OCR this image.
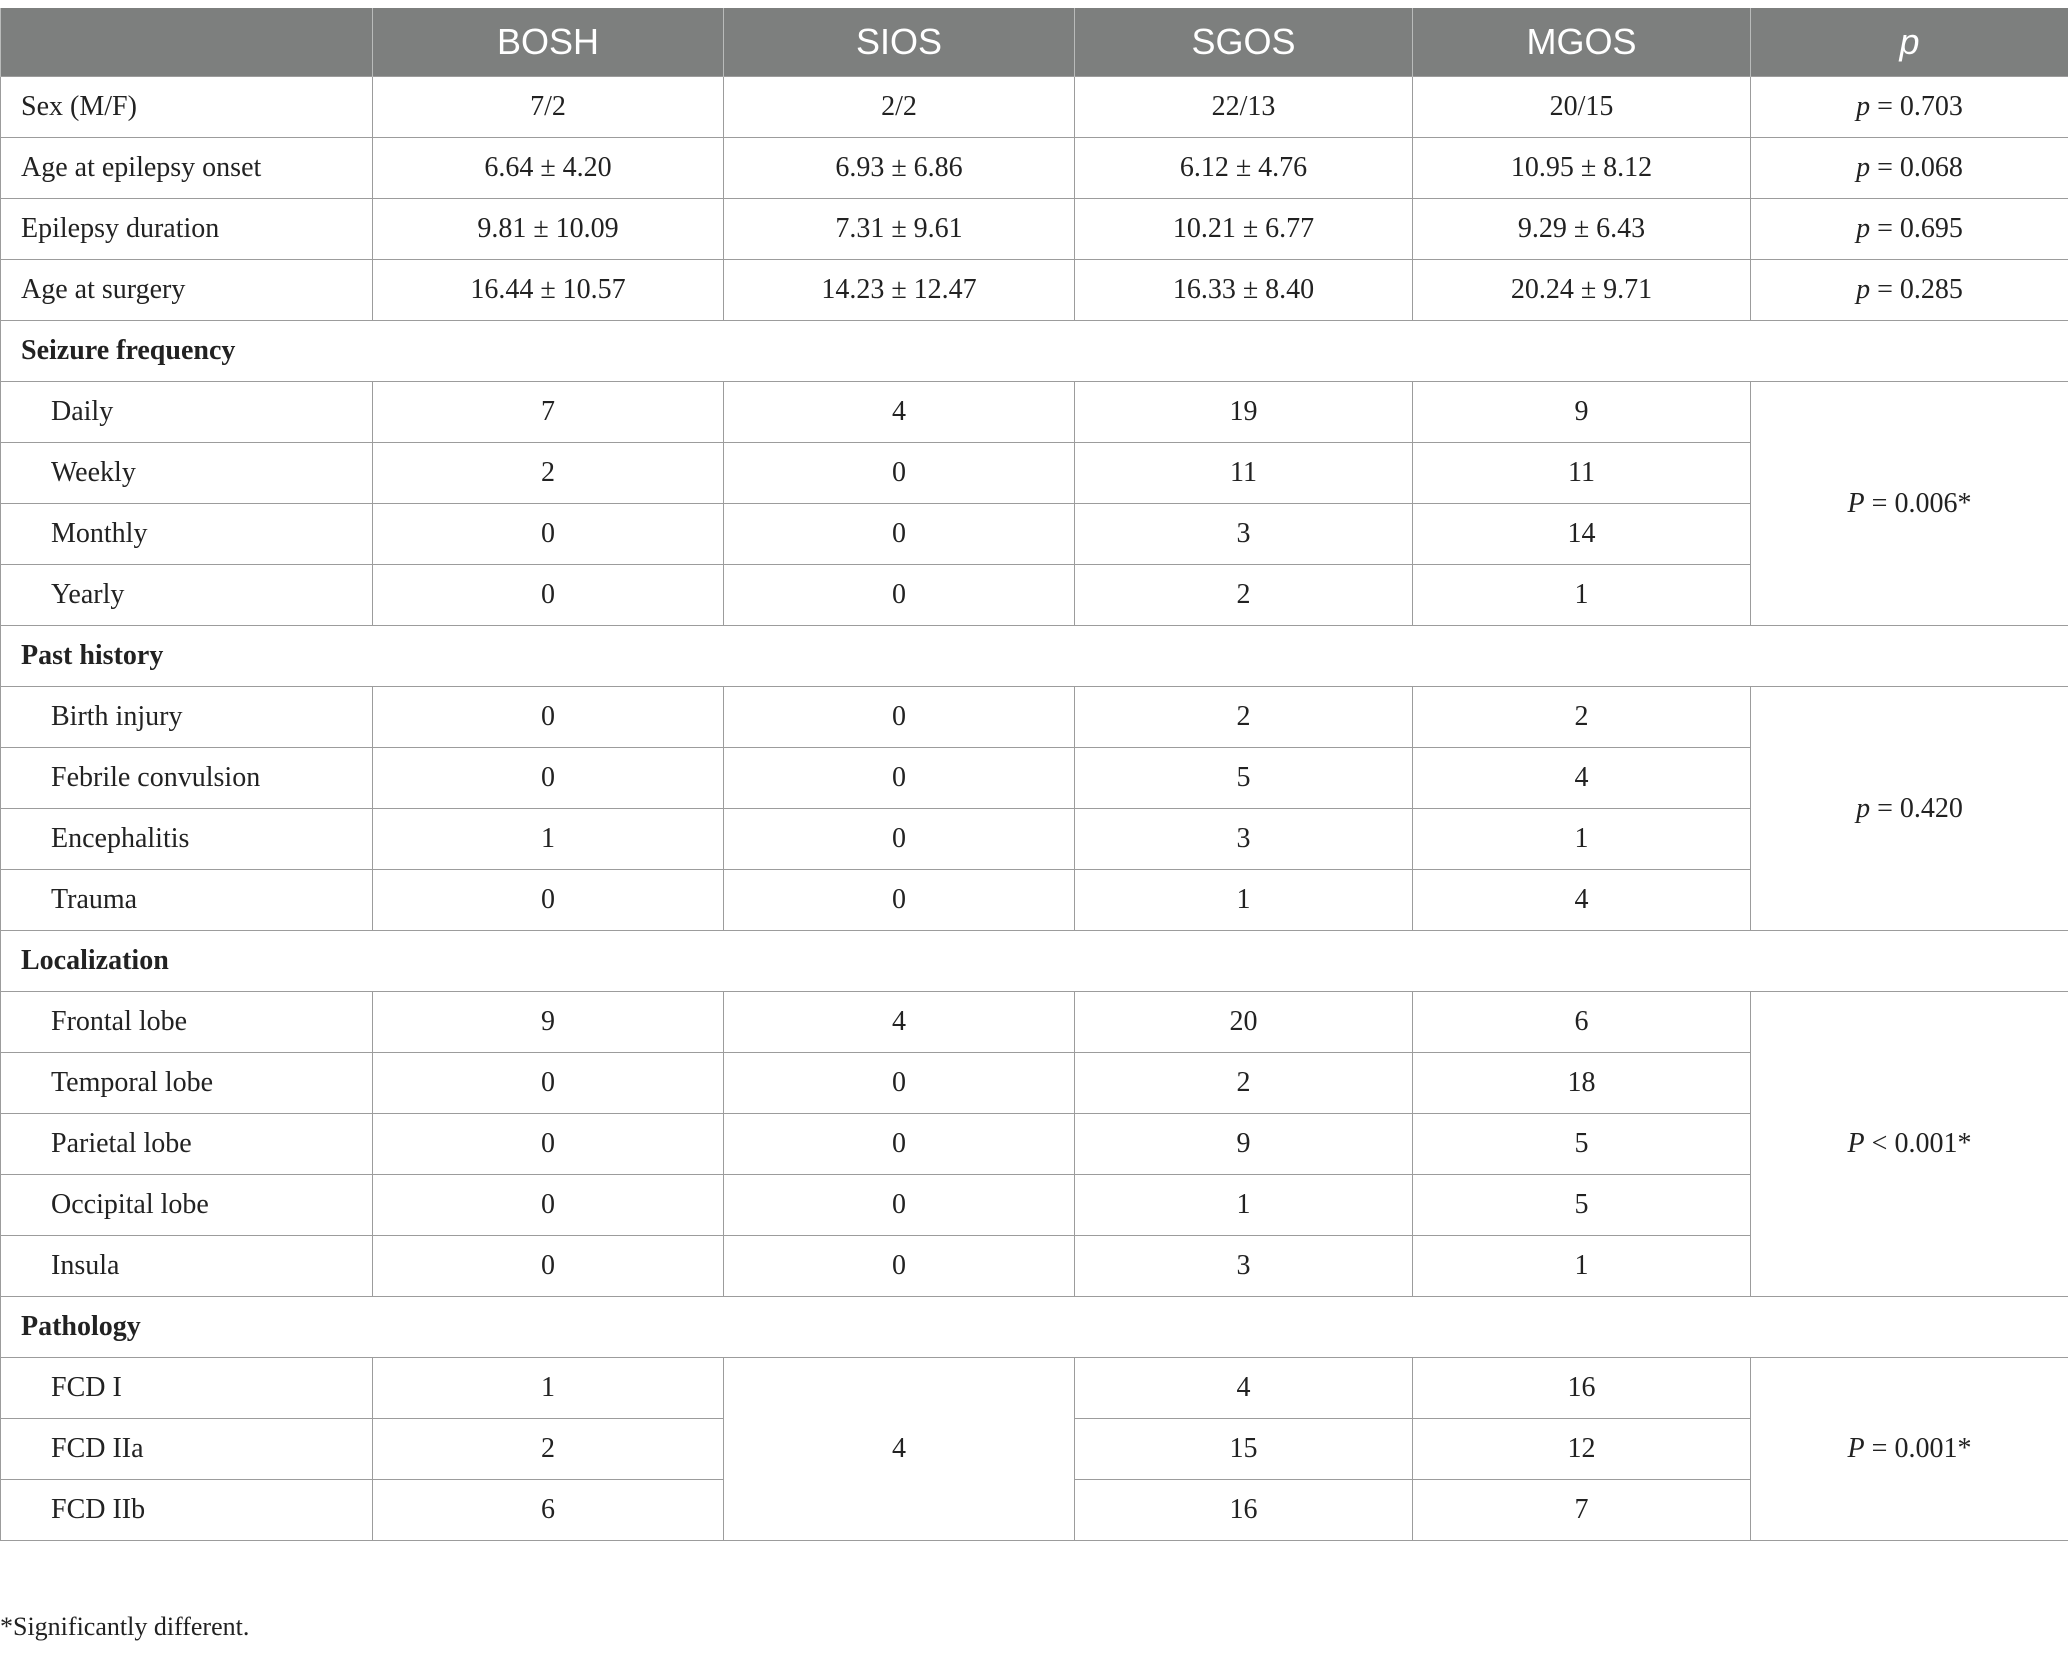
	BOSH	SIOS	SGOS	MGOS	p
Sex (M/F)	7/2	2/2	22/13	20/15	p = 0.703
Age at epilepsy onset	6.64 ± 4.20	6.93 ± 6.86	6.12 ± 4.76	10.95 ± 8.12	p = 0.068
Epilepsy duration	9.81 ± 10.09	7.31 ± 9.61	10.21 ± 6.77	9.29 ± 6.43	p = 0.695
Age at surgery	16.44 ± 10.57	14.23 ± 12.47	16.33 ± 8.40	20.24 ± 9.71	p = 0.285
Seizure frequency					
Daily	7	4	19	9	P = 0.006*
Weekly	2	0	11	11	
Monthly	0	0	3	14	
Yearly	0	0	2	1	
Past history					
Birth injury	0	0	2	2	p = 0.420
Febrile convulsion	0	0	5	4	
Encephalitis	1	0	3	1	
Trauma	0	0	1	4	
Localization					
Frontal lobe	9	4	20	6	P < 0.001*
Temporal lobe	0	0	2	18	
Parietal lobe	0	0	9	5	
Occipital lobe	0	0	1	5	
Insula	0	0	3	1	
Pathology					
FCD I	1	4	4	16	P = 0.001*
FCD IIa	2		15	12	
FCD IIb	6		16	7	
*Significantly different.
